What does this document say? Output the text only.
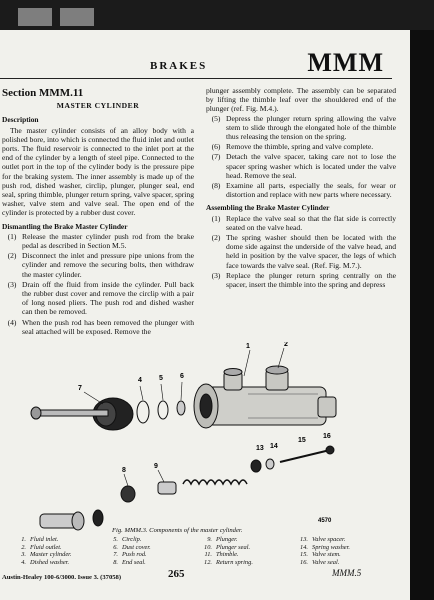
BRAKES	MMM
Section MMM.11
MASTER CYLINDER
Description

The master cylinder consists of an alloy body with a polished bore, into which is connected the fluid inlet and outlet ports. The fluid reservoir is connected to the inlet port at the end of the cylinder by a length of steel pipe. Connected to the outlet port in the top of the cylinder body is the pressure pipe for the braking system. The inner assembly is made up of the push rod, dished washer, circlip, plunger, plunger seal, end seal, spring thimble, plunger return spring, valve spacer, spring washer, valve stem and valve seal. The open end of the cylinder is protected by a rubber dust cover.

Dismantling the Brake Master Cylinder
(1) Release the master cylinder push rod from the brake pedal as described in Section M.5.
(2) Disconnect the inlet and pressure pipe unions from the cylinder and remove the securing bolts, then withdraw the master cylinder.
(3) Drain off the fluid from inside the cylinder. Pull back the rubber dust cover and remove the circlip with a pair of long nosed pliers. The push rod and dished washer can then be removed.
(4) When the push rod has been removed the plunger with seal attached will be exposed. Remove the

plunger assembly complete. The assembly can be separated by lifting the thimble leaf over the shouldered end of the plunger (ref. Fig. M.4.).

(5) Depress the plunger return spring allowing the valve stem to slide through the elongated hole of the thimble thus releasing the tension on the spring.
(6) Remove the thimble, spring and valve complete.
(7) Detach the valve spacer, taking care not to lose the spacer spring washer which is located under the valve head. Remove the seal.
(8) Examine all parts, especially the seals, for wear or distortion and replace with new parts where necessary.
Assembling the Brake Master Cylinder
(1) Replace the valve seal so that the flat side is correctly seated on the valve head.
(2) The spring washer should then be located with the dome side against the underside of the valve head, and held in position by the valve spacer, the legs of which face towards the valve seal. (Ref. Fig. M.7.).
(3) Replace the plunger return spring centrally on the spacer, insert the thimble into the spring and depress
1	2
4 5 6
7
8
9
13 14
15
16
4570
Fig. MMM.3. Components of the master cylinder.
1. Fluid inlet.
2. Fluid outlet.
3. Master cylinder.
4. Dished washer.
5. Circlip.
6. Dust cover.
7. Push rod.
8. End seal.
9. Plunger.
10. Plunger seal.
11. Thimble.
12. Return spring.
13. Valve spacer.
14. Spring washer.
15. Valve stem.
16. Valve seal.
Austin-Healey 100-6/3000. Issue 3. (37058)	265	MMM.5
